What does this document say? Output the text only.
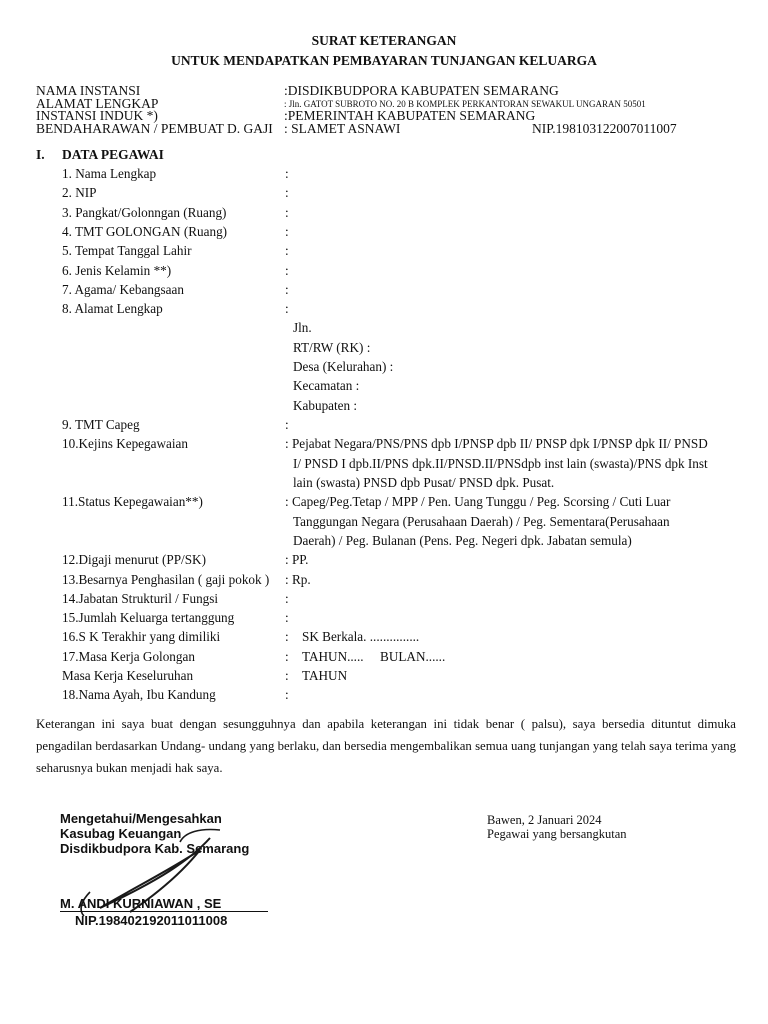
SURAT KETERANGAN
UNTUK MENDAPATKAN PEMBAYARAN TUNJANGAN KELUARGA
NAMA INSTANSI	:DISDIKBUDPORA KABUPATEN SEMARANG
ALAMAT LENGKAP	: Jln. GATOT SUBROTO NO. 20 B KOMPLEK PERKANTORAN SEWAKUL UNGARAN 50501
INSTANSI INDUK *)	:PEMERINTAH KABUPATEN SEMARANG
BENDAHARAWAN / PEMBUAT D. GAJI : SLAMET ASNAWI	NIP.198103122007011007
I. DATA PEGAWAI
1. Nama Lengkap	:
2. NIP	:
3. Pangkat/Golonngan (Ruang)	:
4. TMT GOLONGAN (Ruang)	:
5. Tempat Tanggal Lahir	:
6. Jenis Kelamin **)	:
7. Agama/ Kebangsaan	:
8. Alamat Lengkap	:
Jln.
RT/RW (RK) :
Desa (Kelurahan) :
Kecamatan :
Kabupaten :
9. TMT Capeg	:
10.Kejins Kepegawaian	: Pejabat Negara/PNS/PNS dpb I/PNSP dpb II/ PNSP dpk I/PNSP dpk II/ PNSD
I/ PNSD I dpb.II/PNS dpk.II/PNSD.II/PNSdpb inst lain (swasta)/PNS dpk Inst
lain (swasta) PNSD dpb Pusat/ PNSD dpk. Pusat.
11.Status Kepegawaian**)	: Capeg/Peg.Tetap / MPP / Pen. Uang Tunggu / Peg. Scorsing / Cuti Luar
Tanggungan Negara (Perusahaan Daerah) / Peg. Sementara(Perusahaan
Daerah) / Peg. Bulanan (Pens. Peg. Negeri dpk. Jabatan semula)
12.Digaji menurut (PP/SK)	: PP.
13.Besarnya Penghasilan ( gaji pokok ) : Rp.
14.Jabatan Strukturil / Fungsi	:
15.Jumlah Keluarga tertanggung	:
16.S K Terakhir yang dimiliki	: SK Berkala. ...............
17.Masa Kerja Golongan	: TAHUN.....     BULAN......
Masa Kerja Keseluruhan	: TAHUN
18.Nama Ayah, Ibu Kandung	:
Keterangan ini saya buat dengan sesungguhnya dan apabila keterangan ini tidak benar ( palsu), saya bersedia dituntut dimuka pengadilan berdasarkan Undang- undang yang berlaku, dan bersedia mengembalikan semua uang tunjangan yang telah saya terima yang seharusnya bukan menjadi hak saya.
Mengetahui/Mengesahkan
Kasubag Keuangan
Disdikbudpora Kab. Semarang
M. ANDI KURNIAWAN , SE
NIP.198402192011011008
Bawen, 2 Januari 2024
Pegawai yang bersangkutan
